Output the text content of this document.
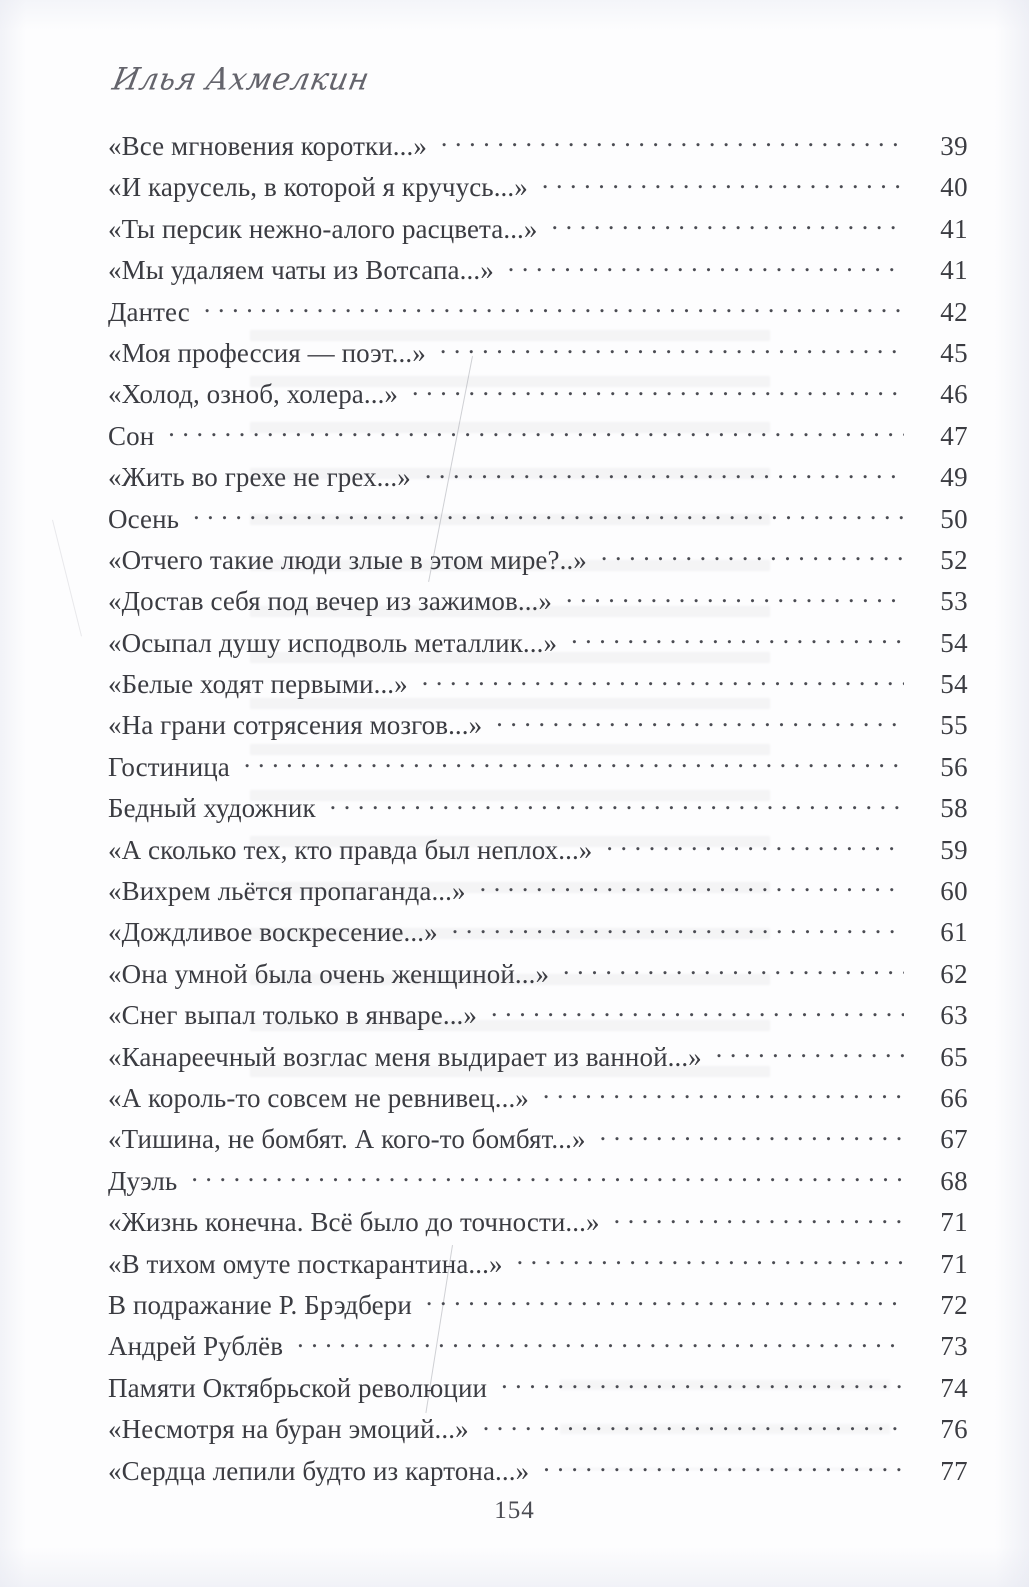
Илья Ахмелкин
«Все мгновения коротки...» .....	39
«И карусель, в которой я кручусь...» .....	40
«Ты персик нежно-алого расцвета...» .....	41
«Мы удаляем чаты из Вотсапа...» .....	41
Дантес .....	42
«Моя профессия — поэт...» .....	45
«Холод, озноб, холера...» .....	46
Сон .....	47
«Жить во грехе не грех...» .....	49
Осень .....	50
«Отчего такие люди злые в этом мире?..» .....	52
«Достав себя под вечер из зажимов...» .....	53
«Осыпал душу исподволь металлик...» .....	54
«Белые ходят первыми...» .....	54
«На грани сотрясения мозгов...» .....	55
Гостиница .....	56
Бедный художник .....	58
«А сколько тех, кто правда был неплох...» .....	59
«Вихрем льётся пропаганда...» .....	60
«Дождливое воскресение...» .....	61
«Она умной была очень женщиной...» .....	62
«Снег выпал только в январе...» .....	63
«Канареечный возглас меня выдирает из ванной...» .....	65
«А король-то совсем не ревнивец...» .....	66
«Тишина, не бомбят. А кого-то бомбят...» .....	67
Дуэль .....	68
«Жизнь конечна. Всё было до точности...» .....	71
«В тихом омуте посткарантина...» .....	71
В подражание Р. Брэдбери .....	72
Андрей Рублёв .....	73
Памяти Октябрьской революции .....	74
«Несмотря на буран эмоций...» .....	76
«Сердца лепили будто из картона...» .....	77
154
